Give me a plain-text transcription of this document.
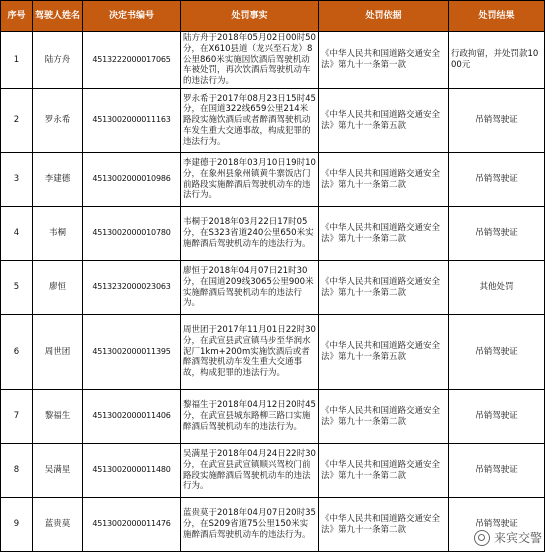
序号	驾驶人姓名	决定书编号	处罚事实	处罚依据	处罚结果
1	陆方舟	4513222000017065	陆方舟于2018年05月02日00时50分，在X610县道（龙兴至石龙）8公里860米实施因饮酒后驾驶机动车被处罚，再次饮酒后驾驶机动车的违法行为。	《中华人民共和国道路交通安全法》第九十一条第一款	行政拘留，并处罚款1000元
2	罗永希	4513002000011163	罗永希于2017年08月23日15时45分，在国道322线659公里214米路段实施饮酒后或者醉酒驾驶机动车发生重大交通事故，构成犯罪的违法行为。	《中华人民共和国道路交通安全法》第九十一条第五款	吊销驾驶证
3	李建德	4513002000010986	李建德于2018年03月10日19时10分，在象州县象州镇黄牛寨饭店门前路段实施醉酒后驾驶机动车的违法行为。	《中华人民共和国道路交通安全法》第九十一条第二款	吊销驾驶证
4	韦桐	4513002000010780	韦桐于2018年03月22日17时05分，在S323省道240公里650米实施醉酒后驾驶机动车的违法行为。	《中华人民共和国道路交通安全法》第九十一条第二款	吊销驾驶证
5	廖恒	4513232000023063	廖恒于2018年04月07日21时30分，在国道209线3065公里900米实施醉酒后驾驶机动车的违法行为。	《中华人民共和国道路交通安全法》第九十一条第二款	其他处罚
6	周世团	4513002000011395	周世团于2017年11月01日22时30分，在武宣县武宣镇马步至华润水泥厂1km+200m实施饮酒后或者醉酒驾驶机动车发生重大交通事故，构成犯罪的违法行为。	《中华人民共和国道路交通安全法》第九十一条第五款	吊销驾驶证
7	黎福生	4513002000011406	黎福生于2018年04月12日20时45分，在武宣县城东路柳三路口实施醉酒后驾驶机动车的违法行为。	《中华人民共和国道路交通安全法》第九十一条第二款	吊销驾驶证
8	吴满星	4513002000011480	吴满星于2018年04月24日22时30分，在武宣县武宣镇顺兴驾校门前路段实施醉酒后驾驶机动车的违法行为。	《中华人民共和国道路交通安全法》第九十一条第二款	吊销驾驶证
9	蓝贵莫	4513002000011476	蓝贵莫于2018年04月07日20时35分，在S209省道75公里150米实施醉酒后驾驶机动车的违法行为。	《中华人民共和国道路交通安全法》第九十一条第二款	吊销驾驶证
来宾交警
